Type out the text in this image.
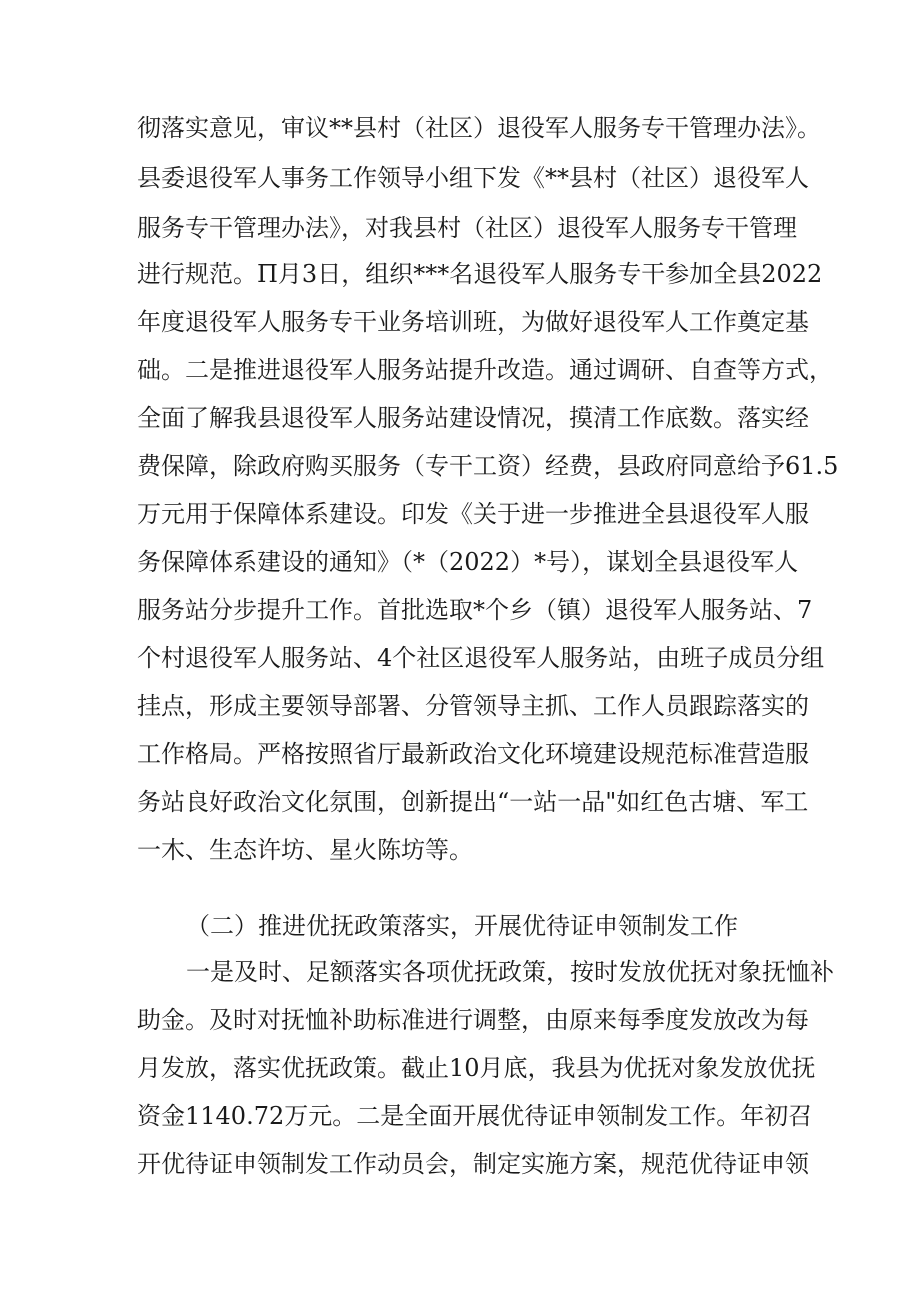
彻落实意见，审议**县村（社区）退役军人服务专干管理办法》。
县委退役军人事务工作领导小组下发《**县村（社区）退役军人
服务专干管理办法》，对我县村（社区）退役军人服务专干管理
进行规范。Π月3日，组织***名退役军人服务专干参加全县2022
年度退役军人服务专干业务培训班，为做好退役军人工作奠定基
础。二是推进退役军人服务站提升改造。通过调研、自查等方式，
全面了解我县退役军人服务站建设情况，摸清工作底数。落实经
费保障，除政府购买服务（专干工资）经费，县政府同意给予61.5
万元用于保障体系建设。印发《关于进一步推进全县退役军人服
务保障体系建设的通知》（*（2022）*号），谋划全县退役军人
服务站分步提升工作。首批选取*个乡（镇）退役军人服务站、7
个村退役军人服务站、4个社区退役军人服务站，由班子成员分组
挂点，形成主要领导部署、分管领导主抓、工作人员跟踪落实的
工作格局。严格按照省厅最新政治文化环境建设规范标准营造服
务站良好政治文化氛围，创新提出“一站一品"如红色古塘、军工
一木、生态许坊、星火陈坊等。
（二）推进优抚政策落实，开展优待证申领制发工作
一是及时、足额落实各项优抚政策，按时发放优抚对象抚恤补
助金。及时对抚恤补助标准进行调整，由原来每季度发放改为每
月发放，落实优抚政策。截止10月底，我县为优抚对象发放优抚
资金1140.72万元。二是全面开展优待证申领制发工作。年初召
开优待证申领制发工作动员会，制定实施方案，规范优待证申领
